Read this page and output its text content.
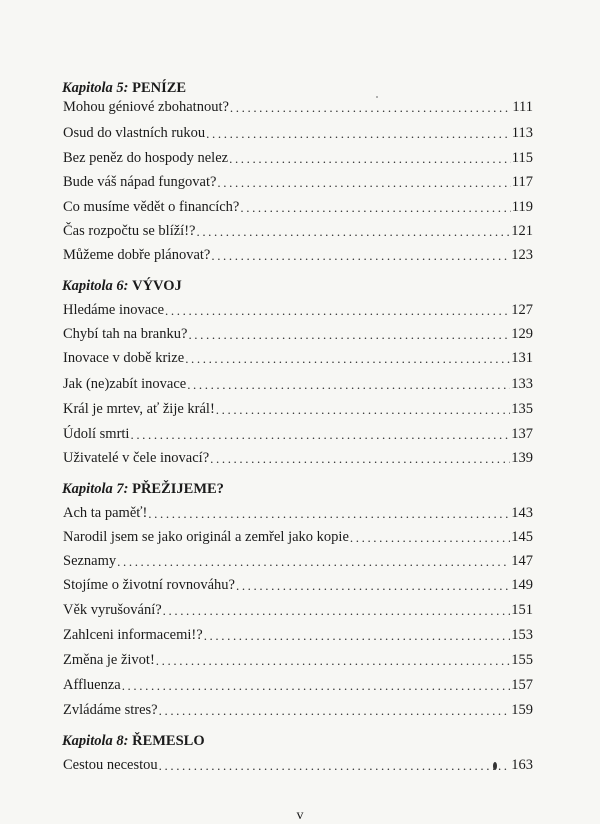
Kapitola 5: PENÍZE
Mohou géniové zbohatnout? .....	111
Osud do vlastních rukou .....	113
Bez peněz do hospody nelez .....	115
Bude váš nápad fungovat? .....	117
Co musíme vědět o financích? .....	119
Čas rozpočtu se blíží!? .....	121
Můžeme dobře plánovat? .....	123
Kapitola 6: VÝVOJ
Hledáme inovace .....	127
Chybí tah na branku? .....	129
Inovace v době krize .....	131
Jak (ne)zabít inovace .....	133
Král je mrtev, ať žije král! .....	135
Údolí smrti .....	137
Uživatelé v čele inovací? .....	139
Kapitola 7: PŘEŽIJEME?
Ach ta paměť! .....	143
Narodil jsem se jako originál a zemřel jako kopie .....	145
Seznamy .....	147
Stojíme o životní rovnováhu? .....	149
Věk vyrušování? .....	151
Zahlceni informacemi!? .....	153
Změna je život! .....	155
Affluenza .....	157
Zvládáme stres? .....	159
Kapitola 8: ŘEMESLO
Cestou necestou .....	163
v
